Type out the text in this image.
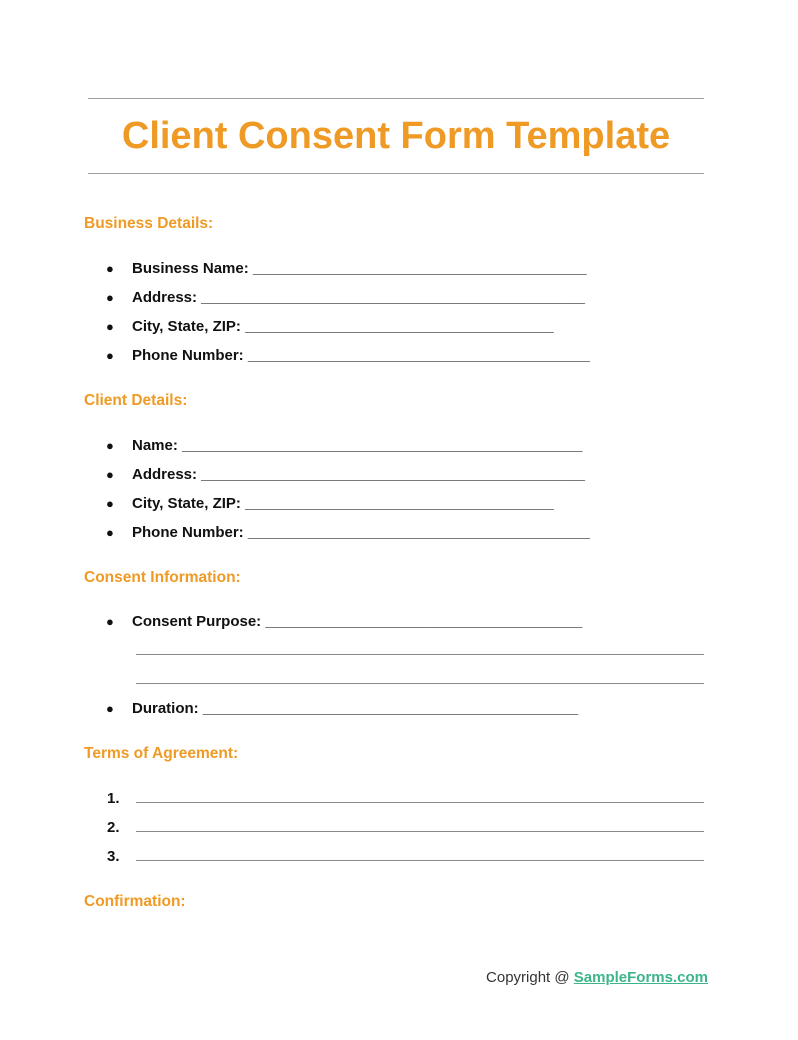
Client Consent Form Template
Business Details:
● Business Name: ________________________________________
● Address: ______________________________________________
● City, State, ZIP: _____________________________________
● Phone Number: _________________________________________
Client Details:
● Name: ________________________________________________
● Address: ______________________________________________
● City, State, ZIP: _____________________________________
● Phone Number: _________________________________________
Consent Information:
● Consent Purpose: ______________________________________
● Duration: _____________________________________________
Terms of Agreement:
1.
2.
3.
Confirmation:
Copyright @ SampleForms.com
